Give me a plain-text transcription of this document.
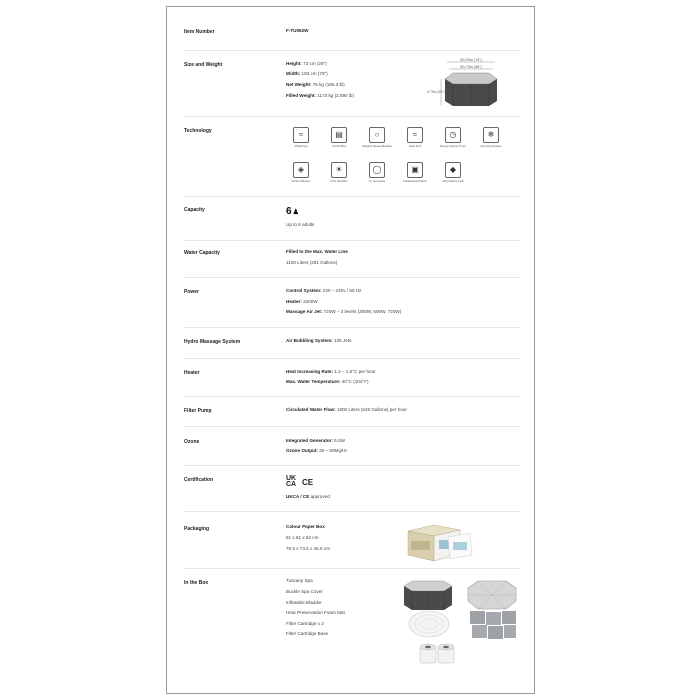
Item Number	F-TU062W
Size and Weight	Height: 73 cm (29")
Width: 193 cm (76")
Net Weight: 75 kg (165.3 lb)
Filled Weight: 1173 kg (2,590 lb)
Ø1.93m (76")
Ø1.73m (68")
0.73m (29")
Technology	≈
MSpa App
▤
Control Box
○
Variable Speed Bubbles
≈
Heat Tech
◷
Energy Saving Timer
❄
Anti-Icing System
◈
Smart Filtration
☀
UVC Sanitizer
◯
O₃ Generator
▣
Antibacterial Fabric
◆
Child Safety Lock
Capacity	6♟
Up to 6 adults
Water Capacity	Filled to the Max. Water Line
1100 Liters (291 Gallons)
Power	Control System: 220 – 240v / 50 Hz
Heater: 2200W
Massage Air Jet: 720W – 3 levels (300W, 500W, 720W)
Hydro Massage System	Air Bubbling System: 136 Jets
Heater	Heat Increasing Rate: 1.2 – 1.6°C per hour
Max. Water Temperature: 40°C (104°F)
Filter Pump	Circulated Water Flow: 1800 Liters (545 Gallons) per hour
Ozone	Integrated Generator: 5.5W
Ozone Output: 30 – 50Mg/Hr
Certification	UK
CA CE
UKCA / CE approved
Packaging	Colour Paper Box
61 x 61 x 62 cm
76.5 x 73.5 x 45.5 cm
In the Box	Tuscany Spa
Buckle Spa Cover
Inflatable Bladder
Heat Preservation Foam Mat
Filter Cartridge x 2
Filter Cartridge Base
